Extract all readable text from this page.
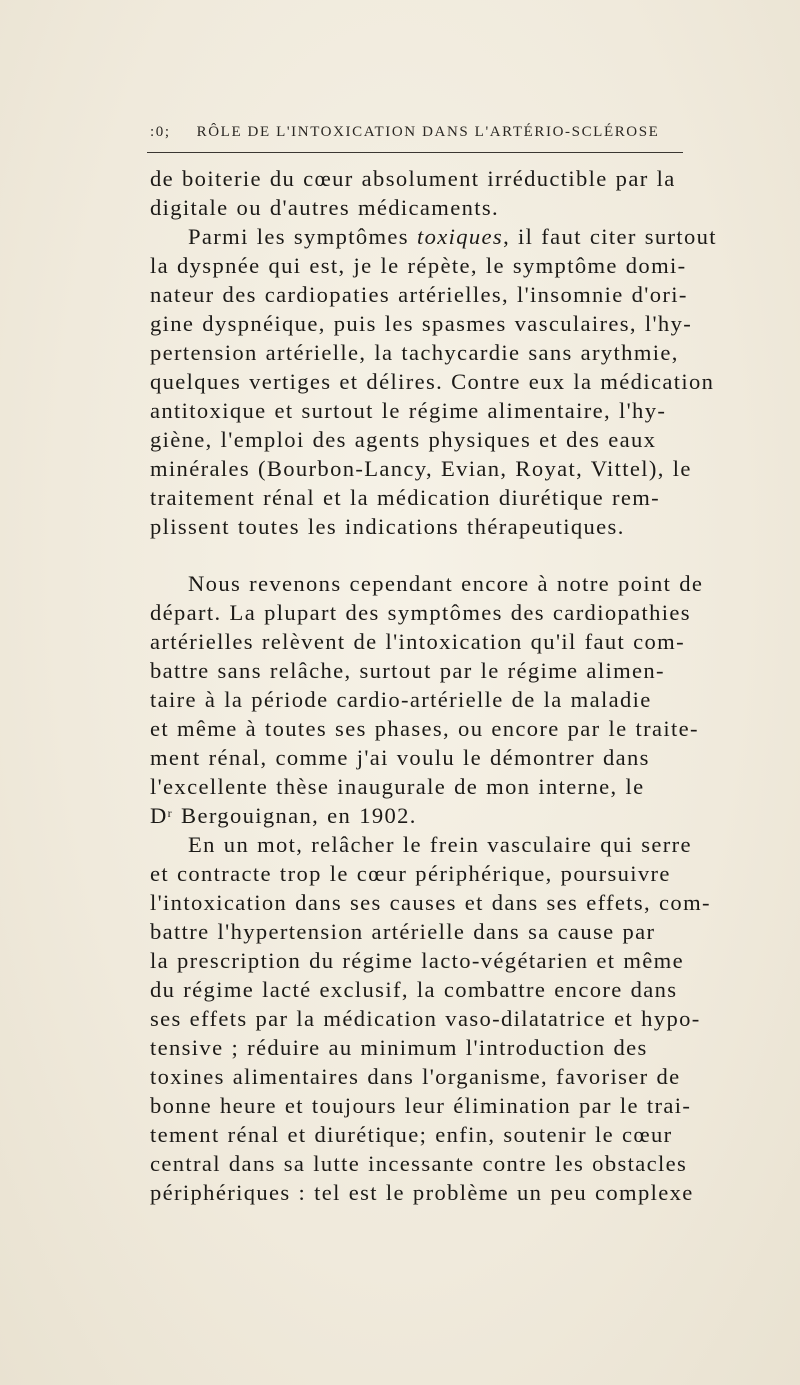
:0; RÔLE DE L'INTOXICATION DANS L'ARTÉRIO-SCLÉROSE
de boiterie du cœur absolument irréductible par la
digitale ou d'autres médicaments.
Parmi les symptômes toxiques, il faut citer surtout
la dyspnée qui est, je le répète, le symptôme domi-
nateur des cardiopaties artérielles, l'insomnie d'ori-
gine dyspnéique, puis les spasmes vasculaires, l'hy-
pertension artérielle, la tachycardie sans arythmie,
quelques vertiges et délires. Contre eux la médication
antitoxique et surtout le régime alimentaire, l'hy-
giène, l'emploi des agents physiques et des eaux
minérales (Bourbon-Lancy, Evian, Royat, Vittel), le
traitement rénal et la médication diurétique rem-
plissent toutes les indications thérapeutiques.
Nous revenons cependant encore à notre point de
départ. La plupart des symptômes des cardiopathies
artérielles relèvent de l'intoxication qu'il faut com-
battre sans relâche, surtout par le régime alimen-
taire à la période cardio-artérielle de la maladie
et même à toutes ses phases, ou encore par le traite-
ment rénal, comme j'ai voulu le démontrer dans
l'excellente thèse inaugurale de mon interne, le
$D^r$ Bergouignan, en 1902.
En un mot, relâcher le frein vasculaire qui serre
et contracte trop le cœur périphérique, poursuivre
l'intoxication dans ses causes et dans ses effets, com-
battre l'hypertension artérielle dans sa cause par
la prescription du régime lacto-végétarien et même
du régime lacté exclusif, la combattre encore dans
ses effets par la médication vaso-dilatatrice et hypo-
tensive ; réduire au minimum l'introduction des
toxines alimentaires dans l'organisme, favoriser de
bonne heure et toujours leur élimination par le trai-
tement rénal et diurétique; enfin, soutenir le cœur
central dans sa lutte incessante contre les obstacles
périphériques : tel est le problème un peu complexe
